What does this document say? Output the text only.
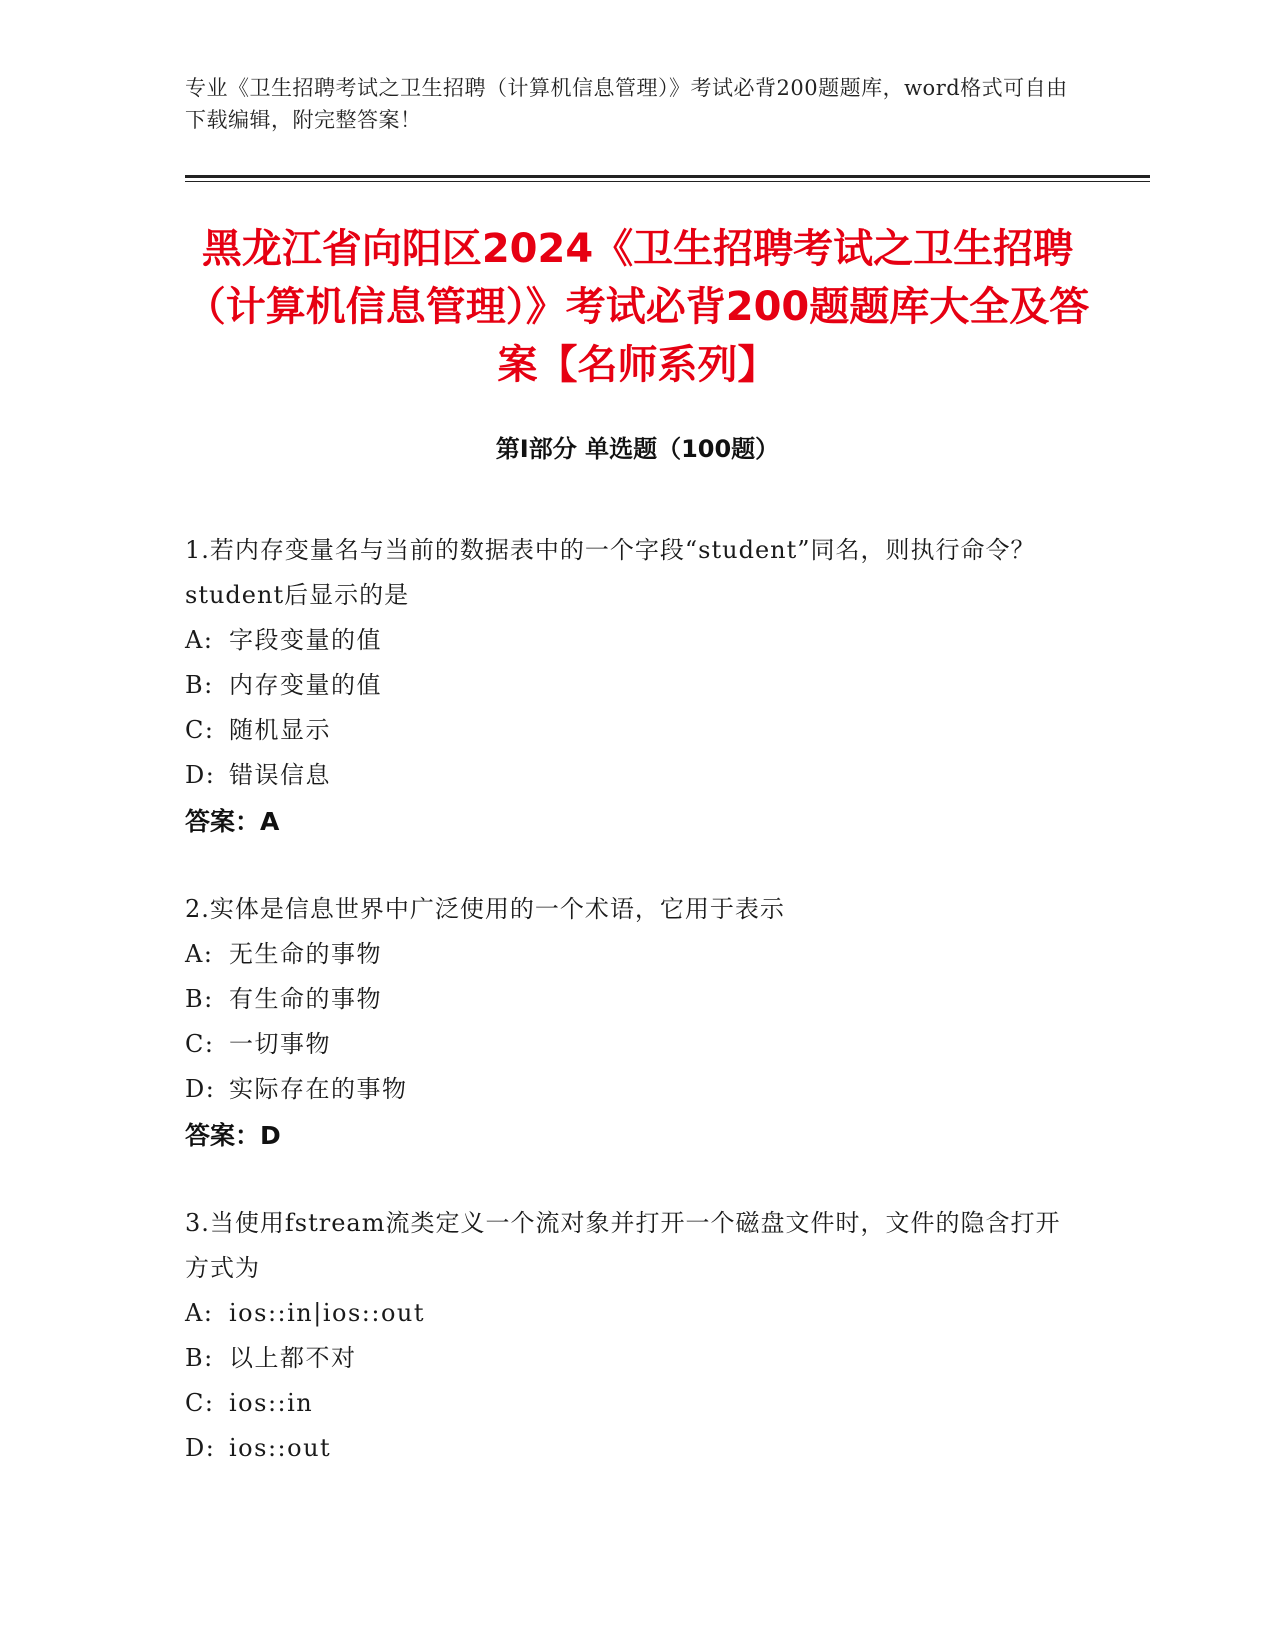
专业《卫生招聘考试之卫生招聘（计算机信息管理）》考试必背200题题库，word格式可自由下载编辑，附完整答案！
黑龙江省向阳区2024《卫生招聘考试之卫生招聘（计算机信息管理）》考试必背200题题库大全及答案【名师系列】
第I部分 单选题（100题）
1.若内存变量名与当前的数据表中的一个字段“student”同名，则执行命令？student后显示的是
A: 字段变量的值
B: 内存变量的值
C: 随机显示
D: 错误信息
答案：A
2.实体是信息世界中广泛使用的一个术语，它用于表示
A: 无生命的事物
B: 有生命的事物
C: 一切事物
D: 实际存在的事物
答案：D
3.当使用fstream流类定义一个流对象并打开一个磁盘文件时，文件的隐含打开方式为
A: ios::in|ios::out
B: 以上都不对
C: ios::in
D: ios::out
